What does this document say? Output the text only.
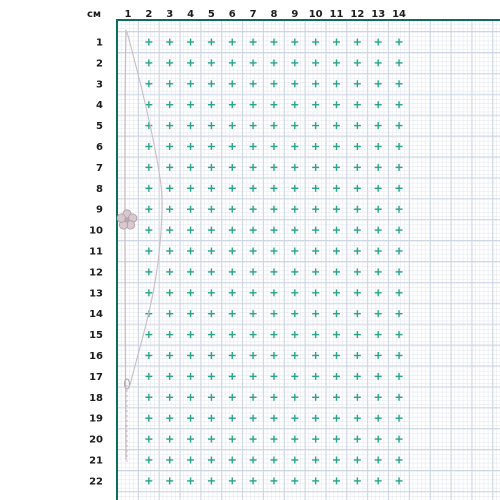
см 1 2 3 4 5 6 7 8 9 10 11 12 13 14
1
2
3
4
5
6
7
8
9
10
11
12
13
14
15
16
17
18
19
20
21
22
